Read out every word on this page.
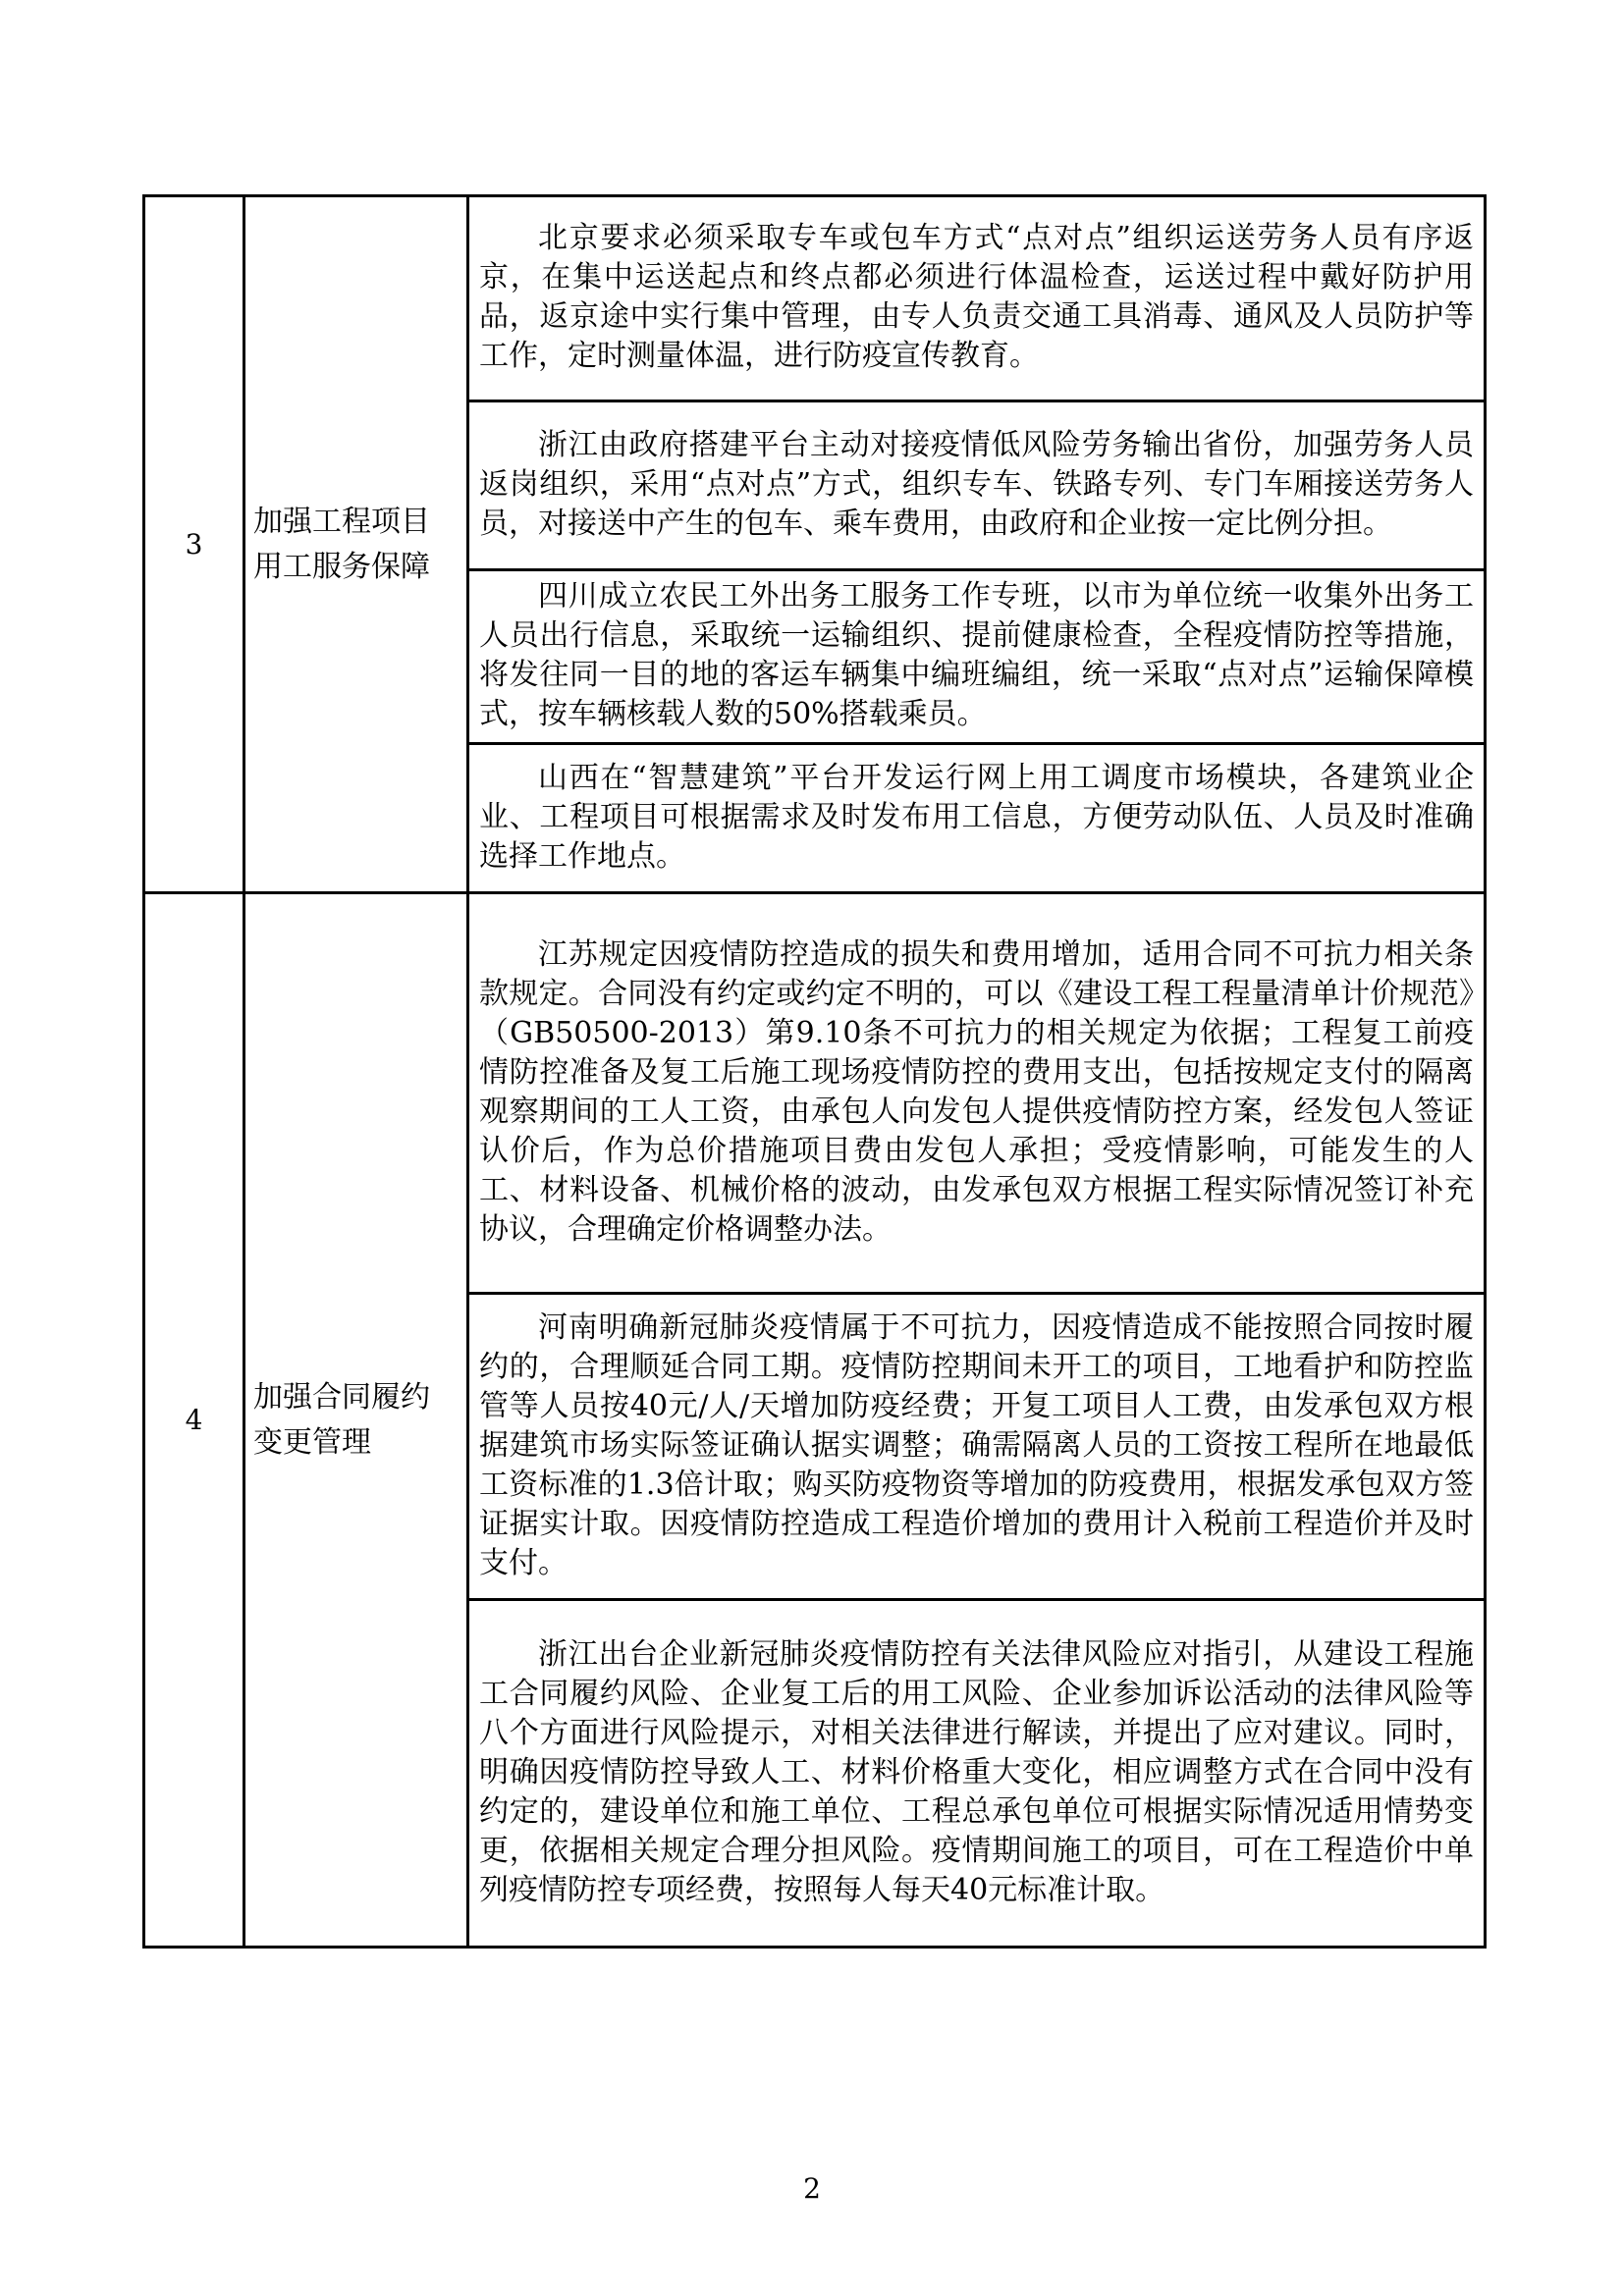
3	加强工程项目用工服务保障	北京要求必须采取专车或包车方式“点对点”组织运送劳务人员有序返京，在集中运送起点和终点都必须进行体温检查，运送过程中戴好防护用品，返京途中实行集中管理，由专人负责交通工具消毒、通风及人员防护等工作，定时测量体温，进行防疫宣传教育。
		浙江由政府搭建平台主动对接疫情低风险劳务输出省份，加强劳务人员返岗组织，采用“点对点”方式，组织专车、铁路专列、专门车厢接送劳务人员，对接送中产生的包车、乘车费用，由政府和企业按一定比例分担。
		四川成立农民工外出务工服务工作专班，以市为单位统一收集外出务工人员出行信息，采取统一运输组织、提前健康检查，全程疫情防控等措施，将发往同一目的地的客运车辆集中编班编组，统一采取“点对点”运输保障模式，按车辆核载人数的50%搭载乘员。
		山西在“智慧建筑”平台开发运行网上用工调度市场模块，各建筑业企业、工程项目可根据需求及时发布用工信息，方便劳动队伍、人员及时准确选择工作地点。
4	加强合同履约变更管理	江苏规定因疫情防控造成的损失和费用增加，适用合同不可抗力相关条款规定。合同没有约定或约定不明的，可以《建设工程工程量清单计价规范》（GB50500-2013）第9.10条不可抗力的相关规定为依据；工程复工前疫情防控准备及复工后施工现场疫情防控的费用支出，包括按规定支付的隔离观察期间的工人工资，由承包人向发包人提供疫情防控方案，经发包人签证认价后，作为总价措施项目费由发包人承担；受疫情影响，可能发生的人工、材料设备、机械价格的波动，由发承包双方根据工程实际情况签订补充协议，合理确定价格调整办法。
		河南明确新冠肺炎疫情属于不可抗力，因疫情造成不能按照合同按时履约的，合理顺延合同工期。疫情防控期间未开工的项目，工地看护和防控监管等人员按40元/人/天增加防疫经费；开复工项目人工费，由发承包双方根据建筑市场实际签证确认据实调整；确需隔离人员的工资按工程所在地最低工资标准的1.3倍计取；购买防疫物资等增加的防疫费用，根据发承包双方签证据实计取。因疫情防控造成工程造价增加的费用计入税前工程造价并及时支付。
		浙江出台企业新冠肺炎疫情防控有关法律风险应对指引，从建设工程施工合同履约风险、企业复工后的用工风险、企业参加诉讼活动的法律风险等八个方面进行风险提示，对相关法律进行解读，并提出了应对建议。同时，明确因疫情防控导致人工、材料价格重大变化，相应调整方式在合同中没有约定的，建设单位和施工单位、工程总承包单位可根据实际情况适用情势变更，依据相关规定合理分担风险。疫情期间施工的项目，可在工程造价中单列疫情防控专项经费，按照每人每天40元标准计取。
2
